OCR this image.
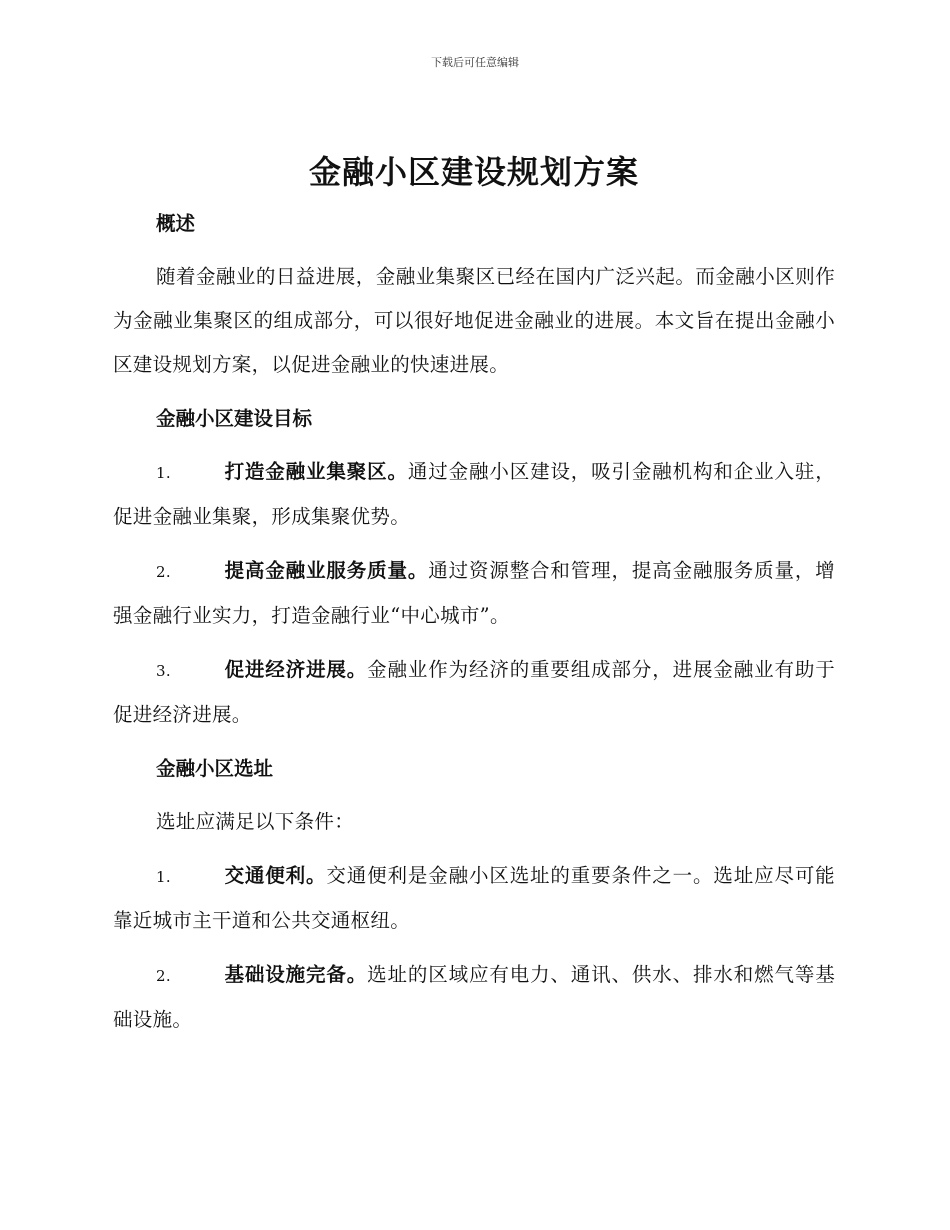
下载后可任意编辑
金融小区建设规划方案
概述

随着金融业的日益进展，金融业集聚区已经在国内广泛兴起。而金融小区则作为金融业集聚区的组成部分，可以很好地促进金融业的进展。本文旨在提出金融小区建设规划方案，以促进金融业的快速进展。

金融小区建设目标

1.	打造金融业集聚区。通过金融小区建设，吸引金融机构和企业入驻，促进金融业集聚，形成集聚优势。

2.	提高金融业服务质量。通过资源整合和管理，提高金融服务质量，增强金融行业实力，打造金融行业“中心城市”。

3.	促进经济进展。金融业作为经济的重要组成部分，进展金融业有助于促进经济进展。

金融小区选址

选址应满足以下条件：

1.	交通便利。交通便利是金融小区选址的重要条件之一。选址应尽可能靠近城市主干道和公共交通枢纽。

2.	基础设施完备。选址的区域应有电力、通讯、供水、排水和燃气等基础设施。
